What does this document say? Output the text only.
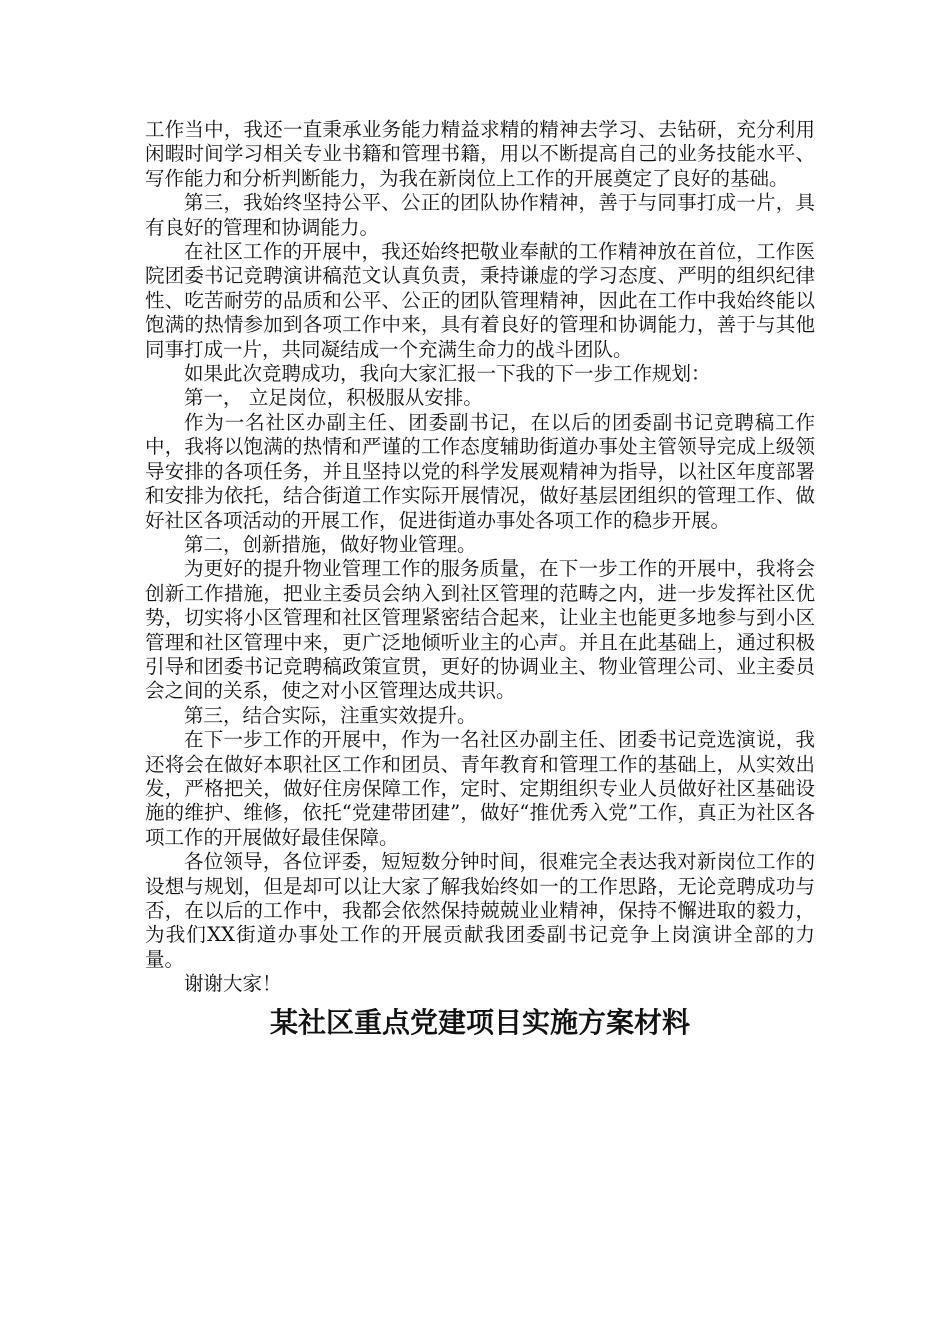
工作当中，我还一直秉承业务能力精益求精的精神去学习、去钻研，充分利用闲暇时间学习相关专业书籍和管理书籍，用以不断提高自己的业务技能水平、写作能力和分析判断能力，为我在新岗位上工作的开展奠定了良好的基础。

第三，我始终坚持公平、公正的团队协作精神，善于与同事打成一片，具有良好的管理和协调能力。

在社区工作的开展中，我还始终把敬业奉献的工作精神放在首位，工作医院团委书记竞聘演讲稿范文认真负责，秉持谦虚的学习态度、严明的组织纪律性、吃苦耐劳的品质和公平、公正的团队管理精神，因此在工作中我始终能以饱满的热情参加到各项工作中来，具有着良好的管理和协调能力，善于与其他同事打成一片，共同凝结成一个充满生命力的战斗团队。

如果此次竞聘成功，我向大家汇报一下我的下一步工作规划：

第一， 立足岗位，积极服从安排。

作为一名社区办副主任、团委副书记，在以后的团委副书记竞聘稿工作中，我将以饱满的热情和严谨的工作态度辅助街道办事处主管领导完成上级领导安排的各项任务，并且坚持以党的科学发展观精神为指导，以社区年度部署和安排为依托，结合街道工作实际开展情况，做好基层团组织的管理工作、做好社区各项活动的开展工作，促进街道办事处各项工作的稳步开展。

第二，创新措施，做好物业管理。

为更好的提升物业管理工作的服务质量，在下一步工作的开展中，我将会创新工作措施，把业主委员会纳入到社区管理的范畴之内，进一步发挥社区优势，切实将小区管理和社区管理紧密结合起来，让业主也能更多地参与到小区管理和社区管理中来，更广泛地倾听业主的心声。并且在此基础上，通过积极引导和团委书记竞聘稿政策宣贯，更好的协调业主、物业管理公司、业主委员会之间的关系，使之对小区管理达成共识。

第三，结合实际，注重实效提升。

在下一步工作的开展中，作为一名社区办副主任、团委书记竞选演说，我还将会在做好本职社区工作和团员、青年教育和管理工作的基础上，从实效出发，严格把关，做好住房保障工作，定时、定期组织专业人员做好社区基础设施的维护、维修，依托“党建带团建”，做好“推优秀入党”工作，真正为社区各项工作的开展做好最佳保障。

各位领导，各位评委，短短数分钟时间，很难完全表达我对新岗位工作的设想与规划，但是却可以让大家了解我始终如一的工作思路，无论竞聘成功与否，在以后的工作中，我都会依然保持兢兢业业精神，保持不懈进取的毅力， 为我们XX街道办事处工作的开展贡献我团委副书记竞争上岗演讲全部的力量。

谢谢大家！

某社区重点党建项目实施方案材料
